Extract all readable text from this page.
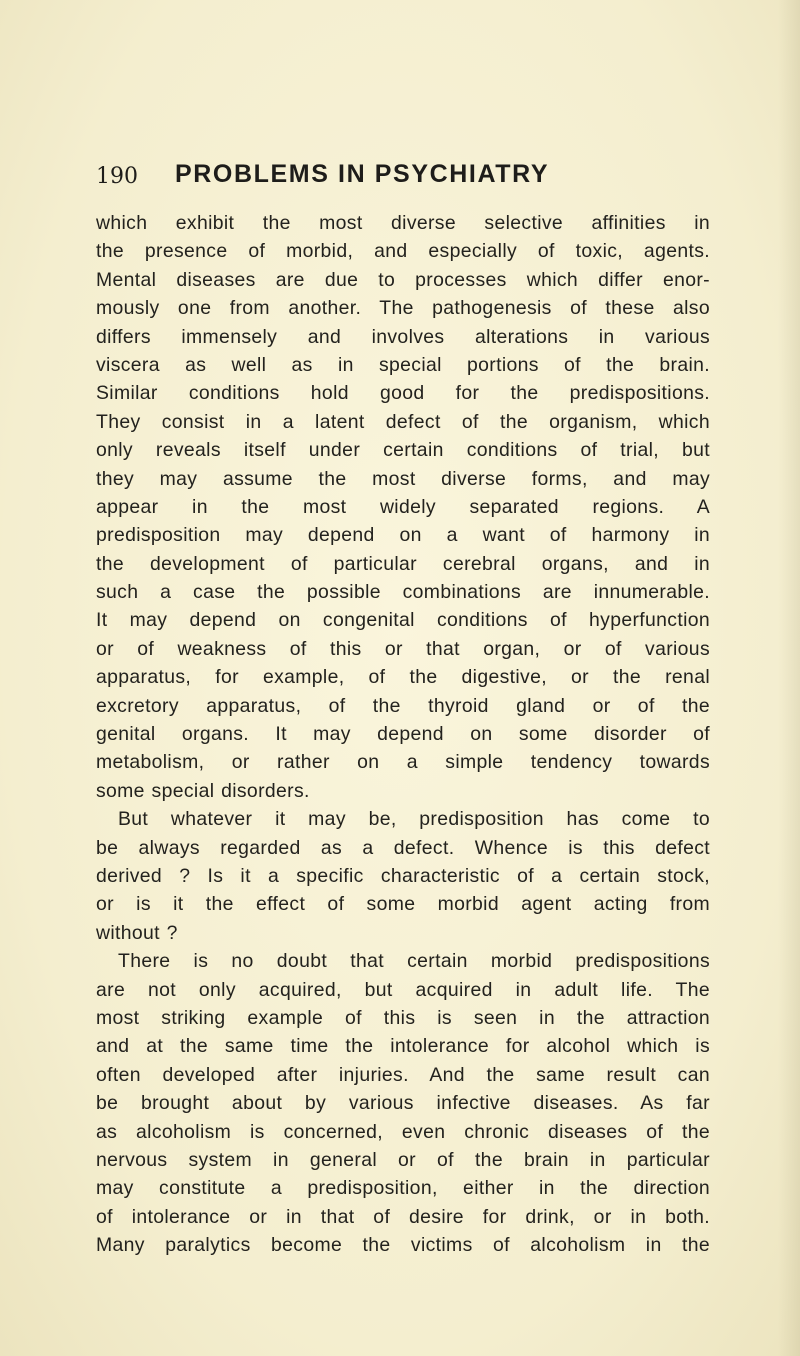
190 PROBLEMS IN PSYCHIATRY
which exhibit the most diverse selective affinities in
the presence of morbid, and especially of toxic, agents.
Mental diseases are due to processes which differ enor-
mously one from another. The pathogenesis of these also
differs immensely and involves alterations in various
viscera as well as in special portions of the brain.
Similar conditions hold good for the predispositions.
They consist in a latent defect of the organism, which
only reveals itself under certain conditions of trial, but
they may assume the most diverse forms, and may
appear in the most widely separated regions. A
predisposition may depend on a want of harmony in
the development of particular cerebral organs, and in
such a case the possible combinations are innumerable.
It may depend on congenital conditions of hyperfunction
or of weakness of this or that organ, or of various
apparatus, for example, of the digestive, or the renal
excretory apparatus, of the thyroid gland or of the
genital organs. It may depend on some disorder of
metabolism, or rather on a simple tendency towards
some special disorders.
But whatever it may be, predisposition has come to
be always regarded as a defect. Whence is this defect
derived ? Is it a specific characteristic of a certain stock,
or is it the effect of some morbid agent acting from
without ?
There is no doubt that certain morbid predispositions
are not only acquired, but acquired in adult life. The
most striking example of this is seen in the attraction
and at the same time the intolerance for alcohol which is
often developed after injuries. And the same result can
be brought about by various infective diseases. As far
as alcoholism is concerned, even chronic diseases of the
nervous system in general or of the brain in particular
may constitute a predisposition, either in the direction
of intolerance or in that of desire for drink, or in both.
Many paralytics become the victims of alcoholism in the
